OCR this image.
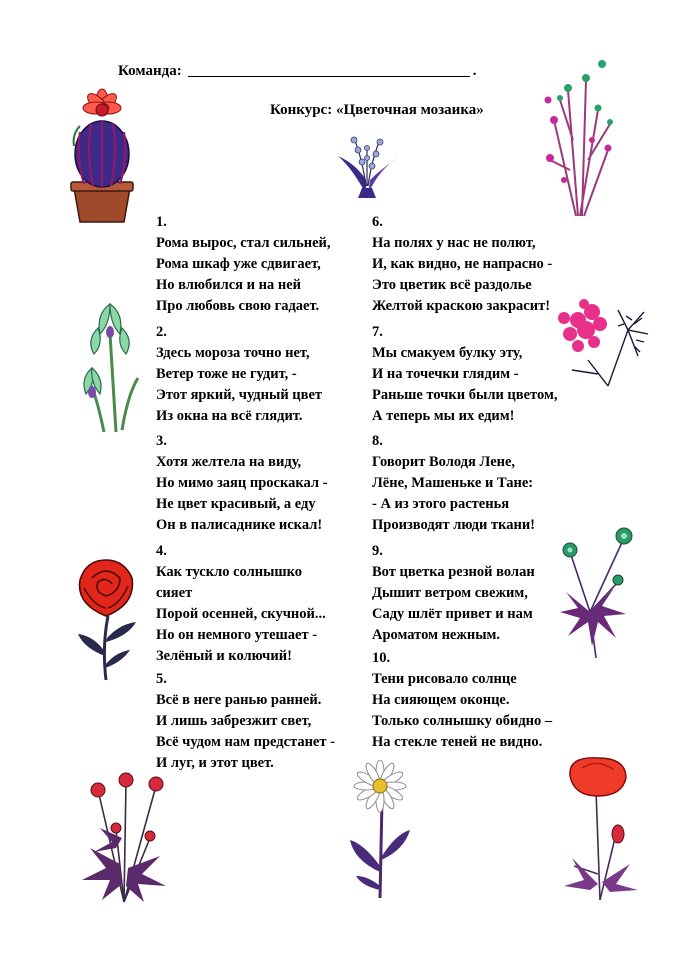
Команда:	.
Конкурс: «Цветочная мозаика»
1.
Рома вырос, стал сильней,
Рома шкаф уже сдвигает,
Но влюбился и на ней
Про любовь свою гадает.
2.
Здесь мороза точно нет,
Ветер тоже не гудит, -
Этот яркий, чудный цвет
Из окна на всё глядит.
3.
Хотя желтела на виду,
Но мимо заяц проскакал -
Не цвет красивый, а еду
Он в палисаднике искал!
4.
Как тускло солнышко
сияет
Порой осенней, скучной...
Но он немного утешает -
Зелёный и колючий!
5.
Всё в неге ранью ранней.
И лишь забрезжит свет,
Всё чудом нам предстанет -
И луг, и этот цвет.
6.
На полях у нас не полют,
И, как видно, не напрасно -
Это цветик всё раздолье
Желтой краскою закрасит!
7.
Мы смакуем булку эту,
И на точечки глядим -
Раньше точки были цветом,
А теперь мы их едим!
8.
Говорит Володя Лене,
Лёне, Машеньке и Тане:
- А из этого растенья
Производят люди ткани!
9.
Вот цветка резной волан
Дышит ветром свежим,
Саду шлёт привет и нам
Ароматом нежным.
10.
Тени рисовало солнце
На сияющем оконце.
Только солнышку обидно –
На стекле теней не видно.
